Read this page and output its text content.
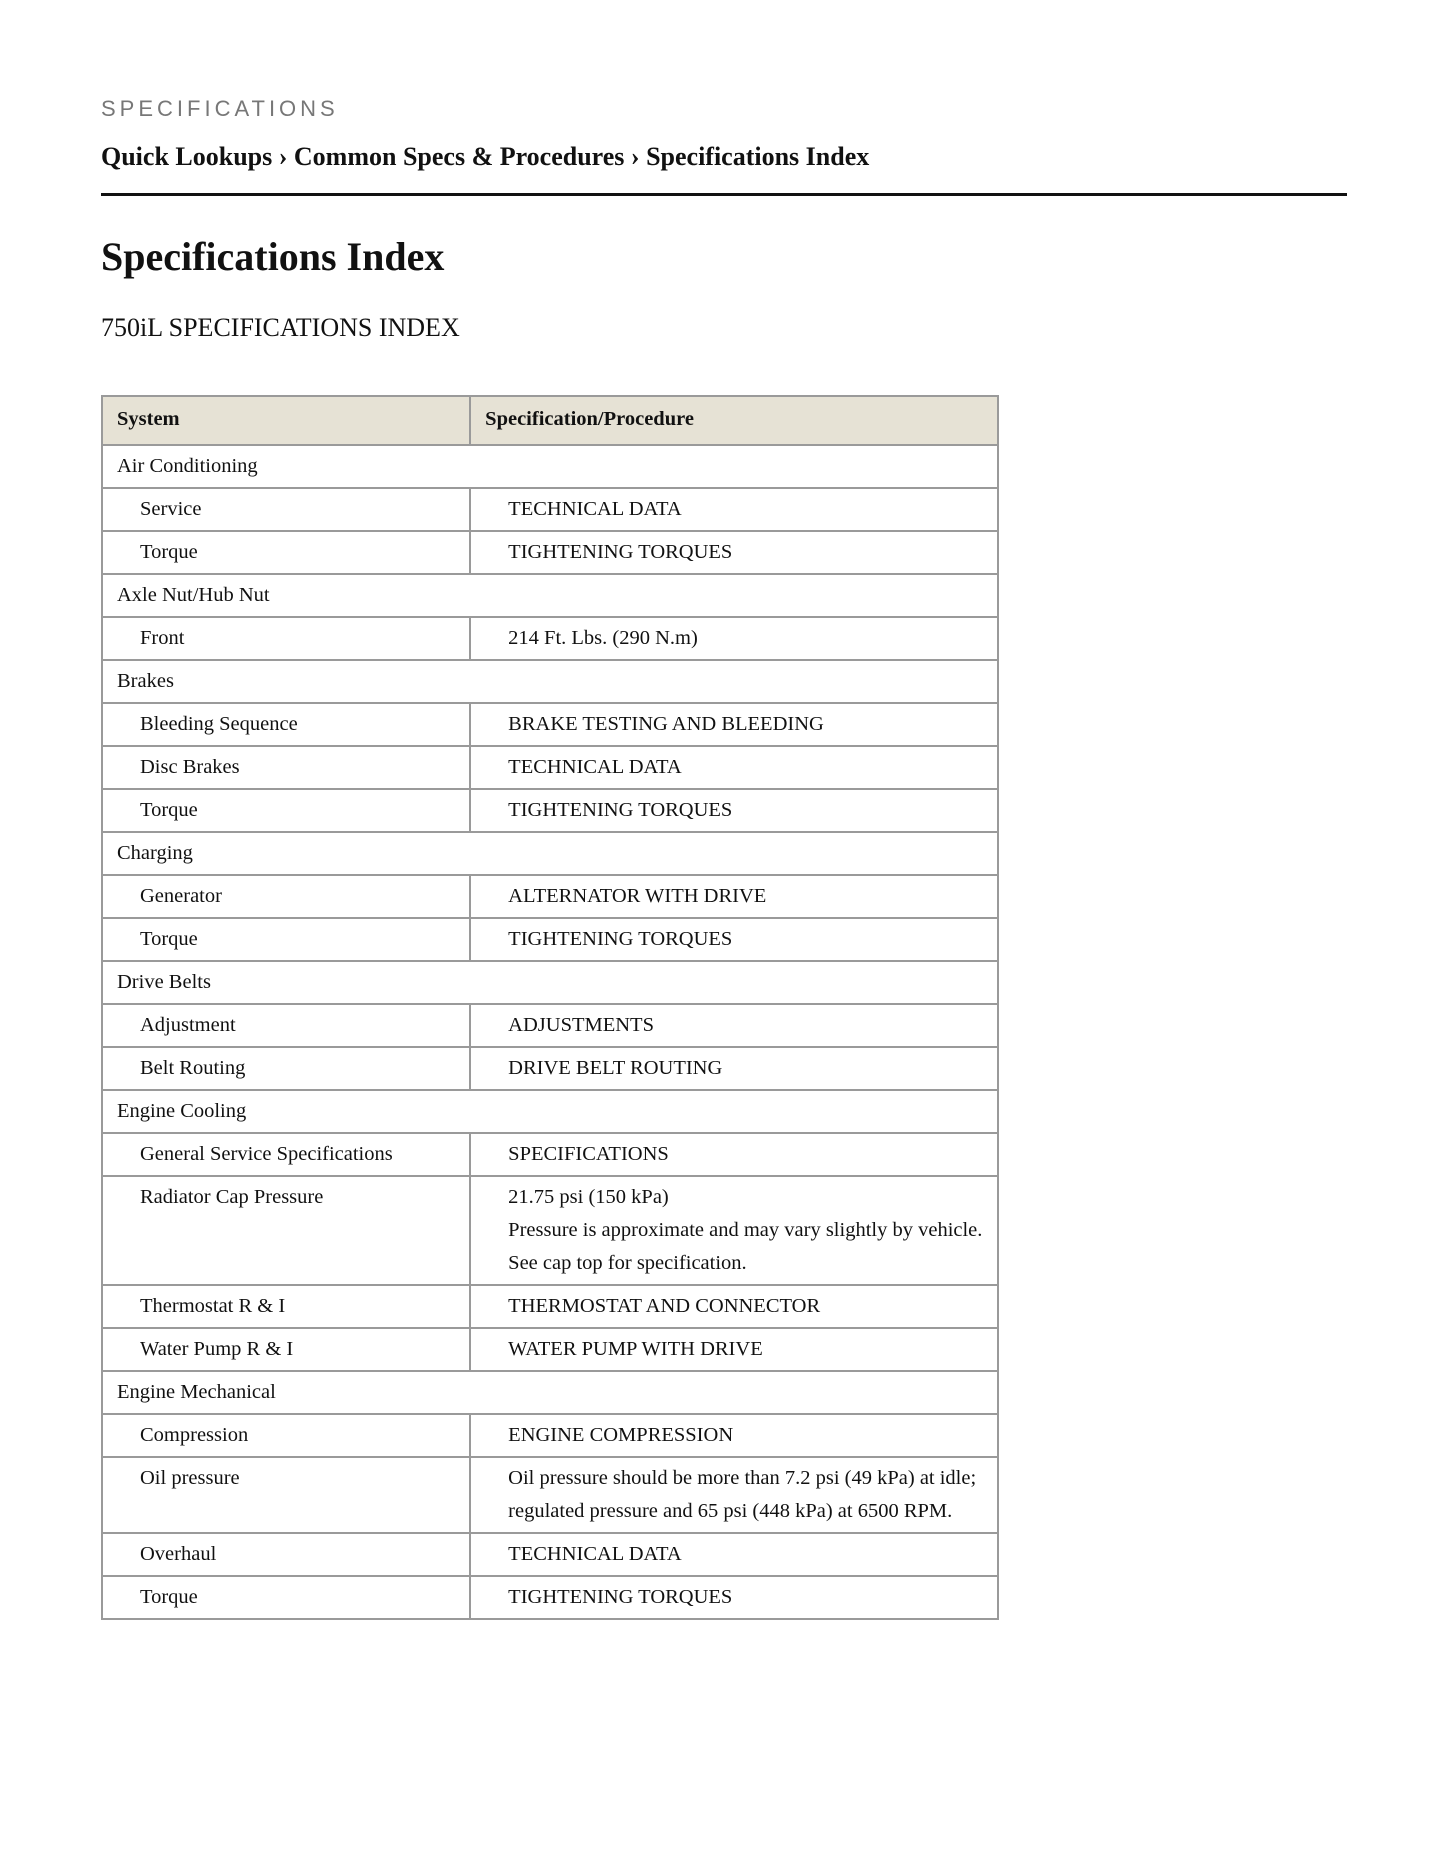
SPECIFICATIONS
Quick Lookups › Common Specs & Procedures › Specifications Index
Specifications Index
750iL SPECIFICATIONS INDEX
System	Specification/Procedure
Air Conditioning	
Service	TECHNICAL DATA

Torque	TIGHTENING TORQUES

Axle Nut/Hub Nut	
Front	214 Ft. Lbs. (290 N.m)

Brakes	
Bleeding Sequence	BRAKE TESTING AND BLEEDING

Disc Brakes	TECHNICAL DATA

Torque	TIGHTENING TORQUES

Charging	
Generator	ALTERNATOR WITH DRIVE

Torque	TIGHTENING TORQUES

Drive Belts	
Adjustment	ADJUSTMENTS

Belt Routing	DRIVE BELT ROUTING

Engine Cooling	
General Service Specifications	SPECIFICATIONS

Radiator Cap Pressure	21.75 psi (150 kPa)
Pressure is approximate and may vary slightly by vehicle. See cap top for specification.

Thermostat R & I	THERMOSTAT AND CONNECTOR

Water Pump R & I	WATER PUMP WITH DRIVE

Engine Mechanical	
Compression	ENGINE COMPRESSION

Oil pressure	Oil pressure should be more than 7.2 psi (49 kPa) at idle; regulated pressure and 65 psi (448 kPa) at 6500 RPM.

Overhaul	TECHNICAL DATA

Torque	TIGHTENING TORQUES
